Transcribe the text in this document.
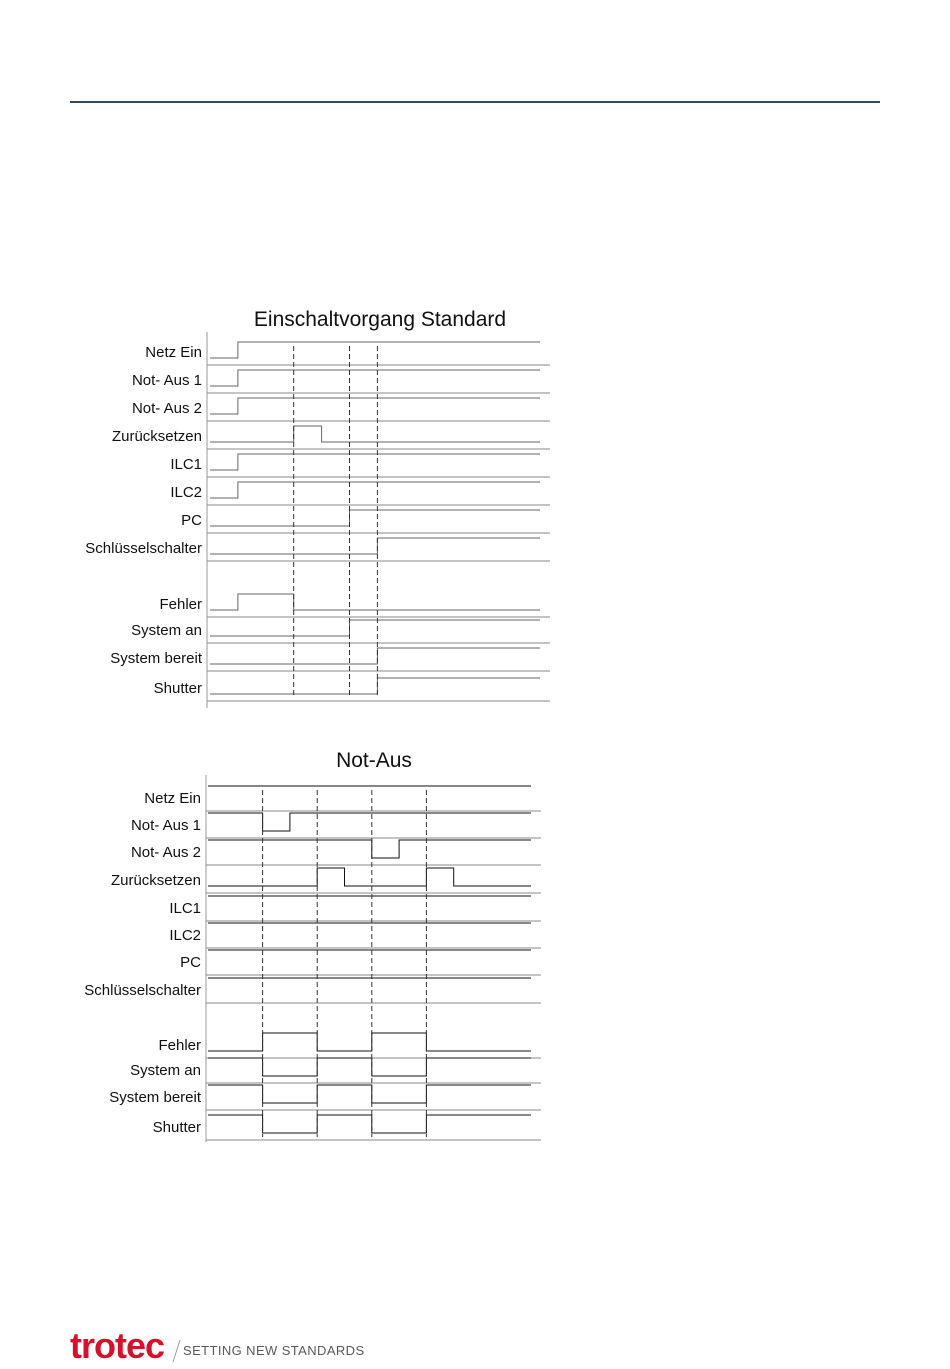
Einschaltvorgang Standard
Netz Ein
Not- Aus 1
Not- Aus 2
Zurücksetzen
ILC1
ILC2
PC
Schlüsselschalter
Fehler
System an
System bereit
Shutter
Not-Aus
Netz Ein
Not- Aus 1
Not- Aus 2
Zurücksetzen
ILC1
ILC2
PC
Schlüsselschalter
Fehler
System an
System bereit
Shutter
trotec SETTING NEW STANDARDS
